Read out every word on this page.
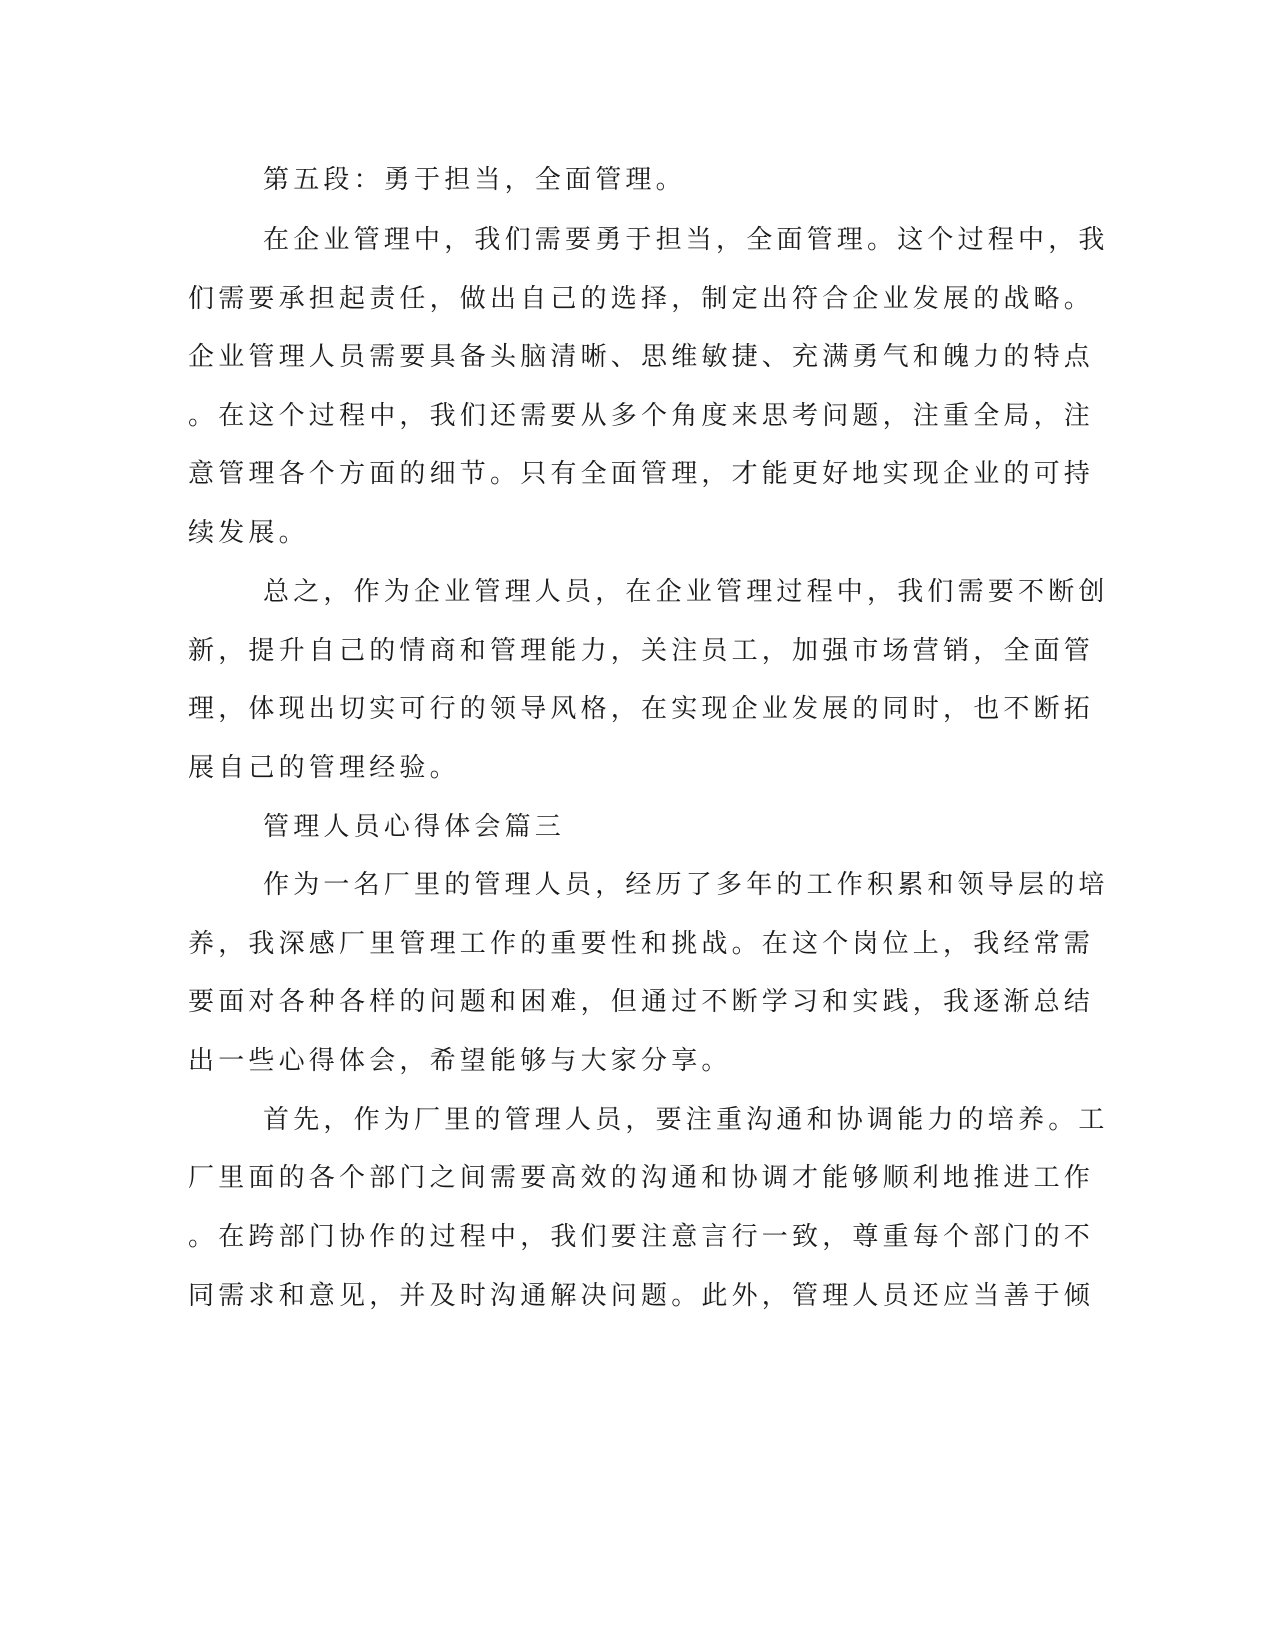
第五段：勇于担当，全面管理。
在企业管理中，我们需要勇于担当，全面管理。这个过程中，我
们需要承担起责任，做出自己的选择，制定出符合企业发展的战略。
企业管理人员需要具备头脑清晰、思维敏捷、充满勇气和魄力的特点
。在这个过程中，我们还需要从多个角度来思考问题，注重全局，注
意管理各个方面的细节。只有全面管理，才能更好地实现企业的可持
续发展。
总之，作为企业管理人员，在企业管理过程中，我们需要不断创
新，提升自己的情商和管理能力，关注员工，加强市场营销，全面管
理，体现出切实可行的领导风格，在实现企业发展的同时，也不断拓
展自己的管理经验。
管理人员心得体会篇三
作为一名厂里的管理人员，经历了多年的工作积累和领导层的培
养，我深感厂里管理工作的重要性和挑战。在这个岗位上，我经常需
要面对各种各样的问题和困难，但通过不断学习和实践，我逐渐总结
出一些心得体会，希望能够与大家分享。
首先，作为厂里的管理人员，要注重沟通和协调能力的培养。工
厂里面的各个部门之间需要高效的沟通和协调才能够顺利地推进工作
。在跨部门协作的过程中，我们要注意言行一致，尊重每个部门的不
同需求和意见，并及时沟通解决问题。此外，管理人员还应当善于倾
